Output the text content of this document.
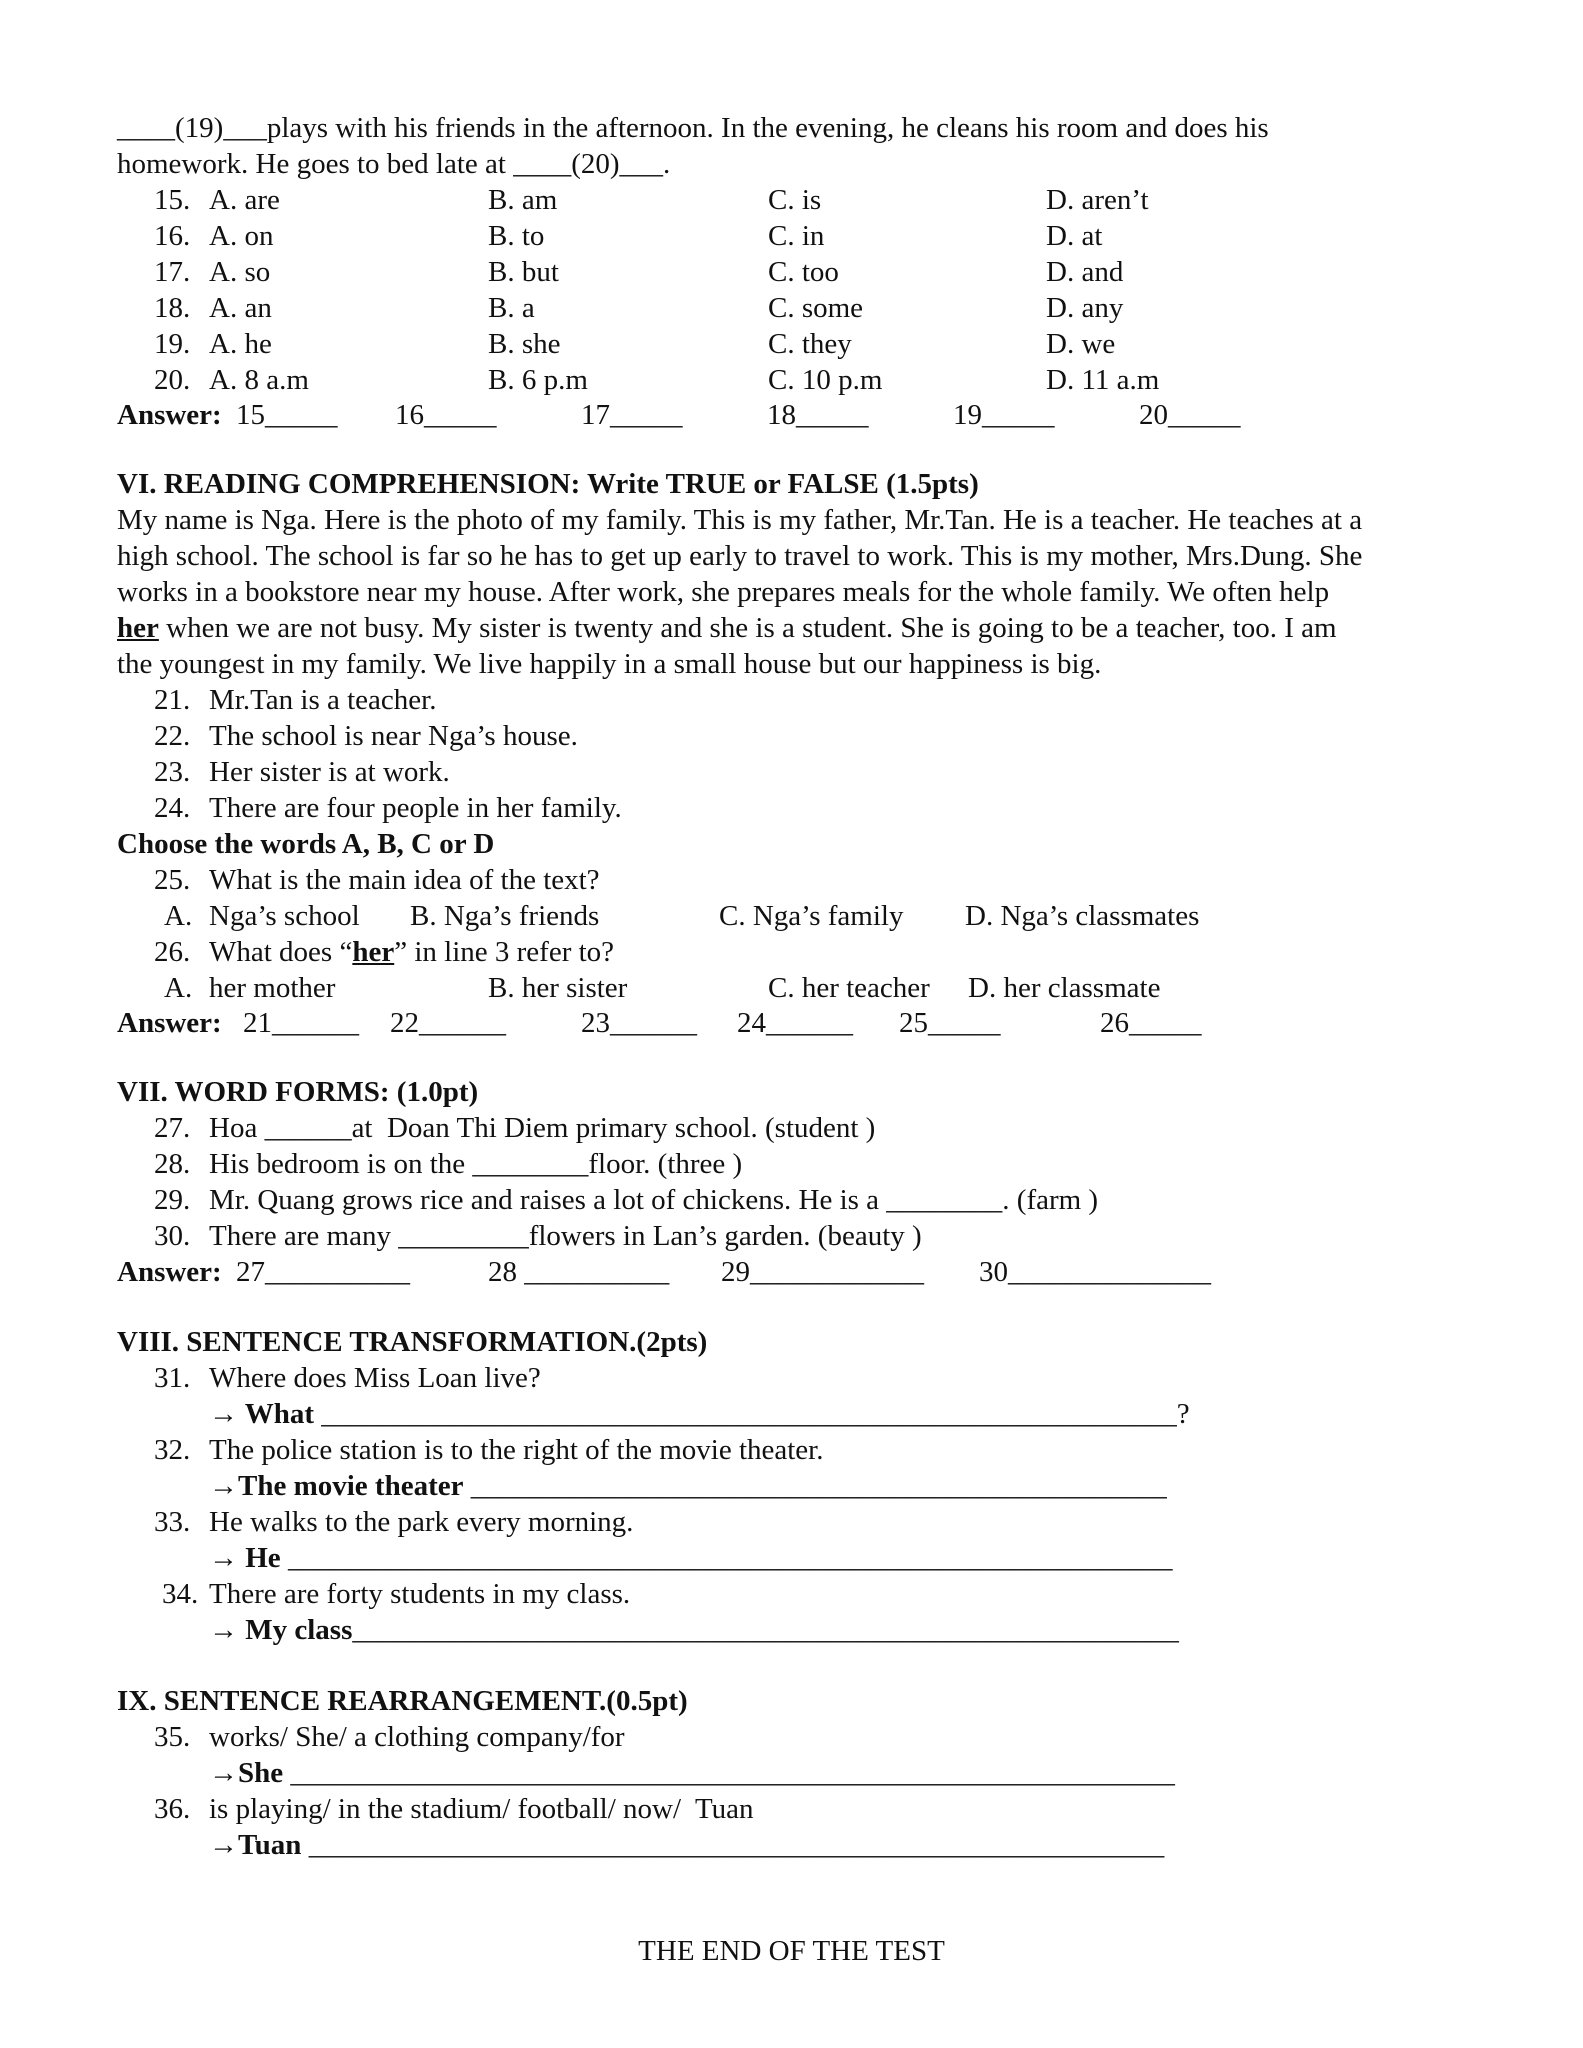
____(19)___plays with his friends in the afternoon. In the evening, he cleans his room and does his
homework. He goes to bed late at ____(20)___.
15. A. are	B. am	C. is	D. aren’t
16. A. on	B. to	C. in	D. at
17. A. so	B. but	C. too	D. and
18. A. an	B. a	C. some	D. any
19. A. he	B. she	C. they	D. we
20. A. 8 a.m	B. 6 p.m	C. 10 p.m	D. 11 a.m
Answer: 15_____ 16_____	17_____	18_____	19_____	20_____
VI. READING COMPREHENSION: Write TRUE or FALSE (1.5pts)
My name is Nga. Here is the photo of my family. This is my father, Mr.Tan. He is a teacher. He teaches at a
high school. The school is far so he has to get up early to travel to work. This is my mother, Mrs.Dung. She
works in a bookstore near my house. After work, she prepares meals for the whole family. We often help
her when we are not busy. My sister is twenty and she is a student. She is going to be a teacher, too. I am
the youngest in my family. We live happily in a small house but our happiness is big.
21. Mr.Tan is a teacher.
22. The school is near Nga’s house.
23. Her sister is at work.
24. There are four people in her family.
Choose the words A, B, C or D
25. What is the main idea of the text?
A. Nga’s school B. Nga’s friends	C. Nga’s family D. Nga’s classmates
26. What does “her” in line 3 refer to?
A. her mother	B. her sister	C. her teacher D. her classmate
Answer: 21______ 22______	23______ 24______ 25_____	26_____
VII. WORD FORMS: (1.0pt)
27. Hoa ______at  Doan Thi Diem primary school. (student )
28. His bedroom is on the ________floor. (three )
29. Mr. Quang grows rice and raises a lot of chickens. He is a ________. (farm )
30. There are many _________flowers in Lan’s garden. (beauty )
Answer: 27__________	28 __________ 29____________ 30______________
VIII. SENTENCE TRANSFORMATION.(2pts)
31. Where does Miss Loan live?
→ What ___________________________________________________________?
32. The police station is to the right of the movie theater.
→The movie theater ________________________________________________
33. He walks to the park every morning.
→ He _____________________________________________________________
34. There are forty students in my class.
→ My class_________________________________________________________
IX. SENTENCE REARRANGEMENT.(0.5pt)
35. works/ She/ a clothing company/for
→She _____________________________________________________________
36. is playing/ in the stadium/ football/ now/  Tuan
→Tuan ___________________________________________________________
THE END OF THE TEST
